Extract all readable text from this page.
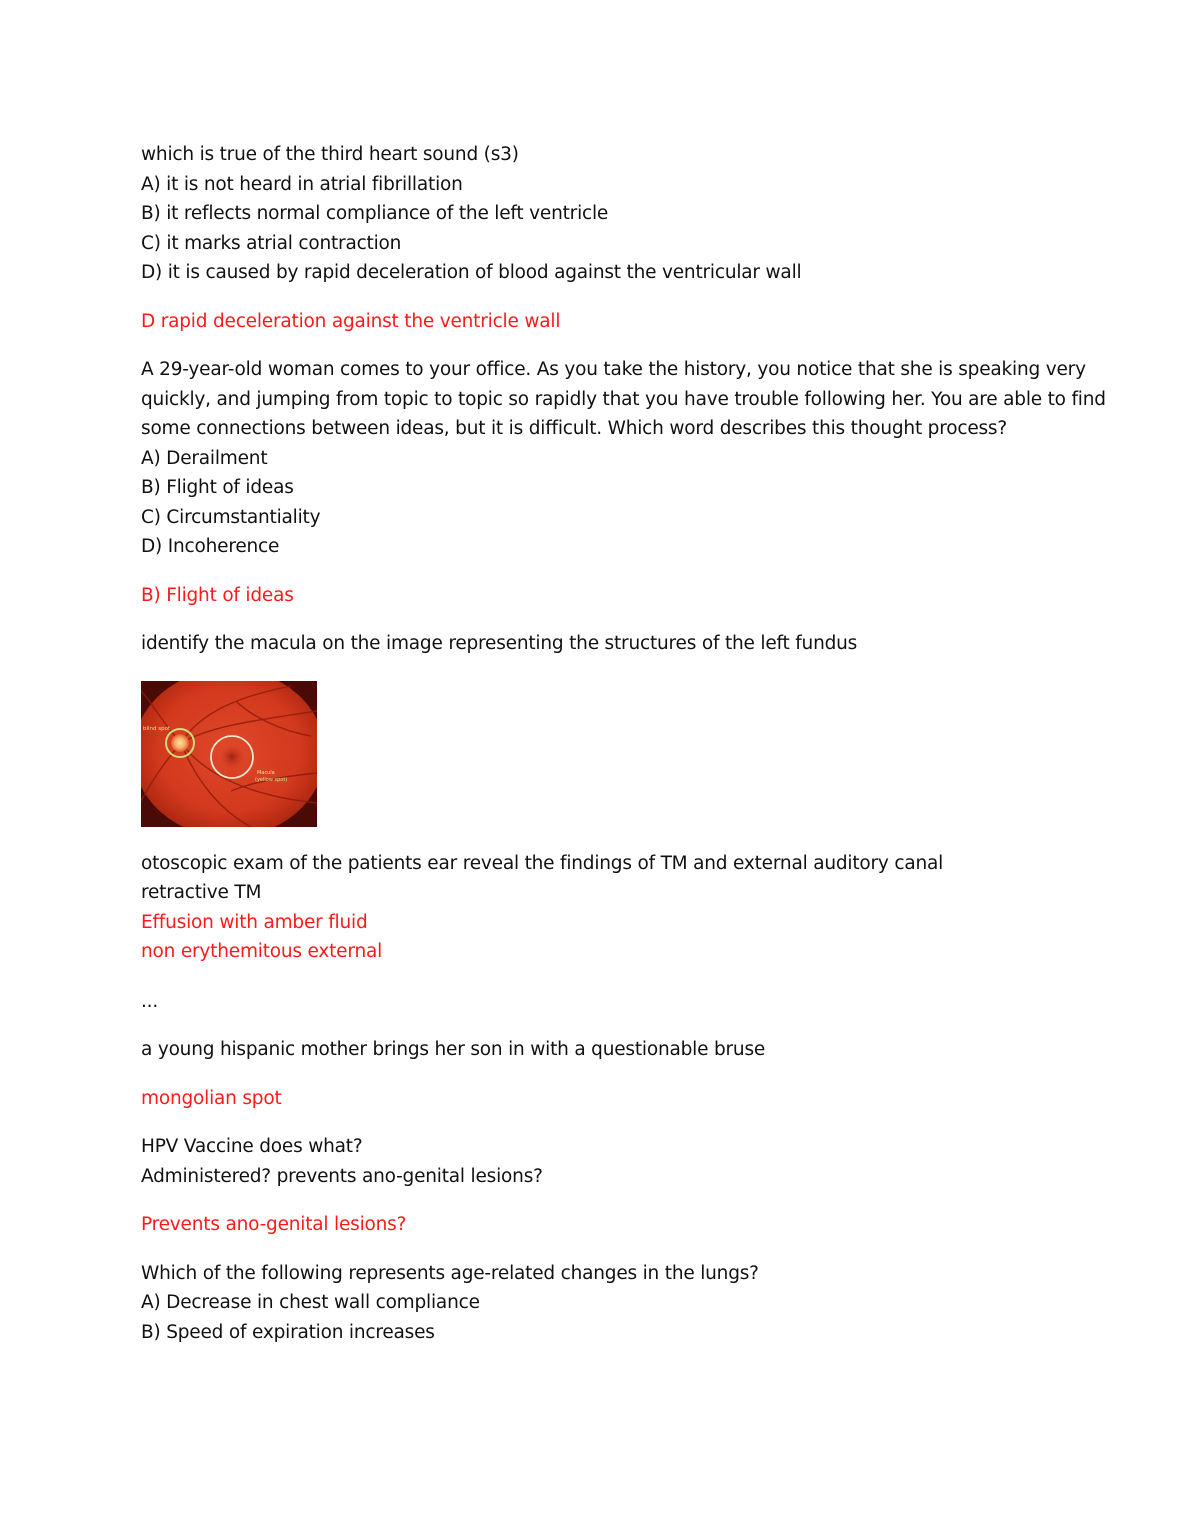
which is true of the third heart sound (s3)
A) it is not heard in atrial fibrillation
B) it reflects normal compliance of the left ventricle
C) it marks atrial contraction
D) it is caused by rapid deceleration of blood against the ventricular wall
D rapid deceleration against the ventricle wall
A 29-year-old woman comes to your office. As you take the history, you notice that she is speaking very
quickly, and jumping from topic to topic so rapidly that you have trouble following her. You are able to find
some connections between ideas, but it is difficult. Which word describes this thought process?
A) Derailment
B) Flight of ideas
C) Circumstantiality
D) Incoherence
B) Flight of ideas
identify the macula on the image representing the structures of the left fundus
blind spot
Macula
(yellow spot)
otoscopic exam of the patients ear reveal the findings of TM and external auditory canal
retractive TM
Effusion with amber fluid
non erythemitous external
...
a young hispanic mother brings her son in with a questionable bruse
mongolian spot
HPV Vaccine does what?
Administered? prevents ano-genital lesions?
Prevents ano-genital lesions?
Which of the following represents age-related changes in the lungs?
A) Decrease in chest wall compliance
B) Speed of expiration increases
